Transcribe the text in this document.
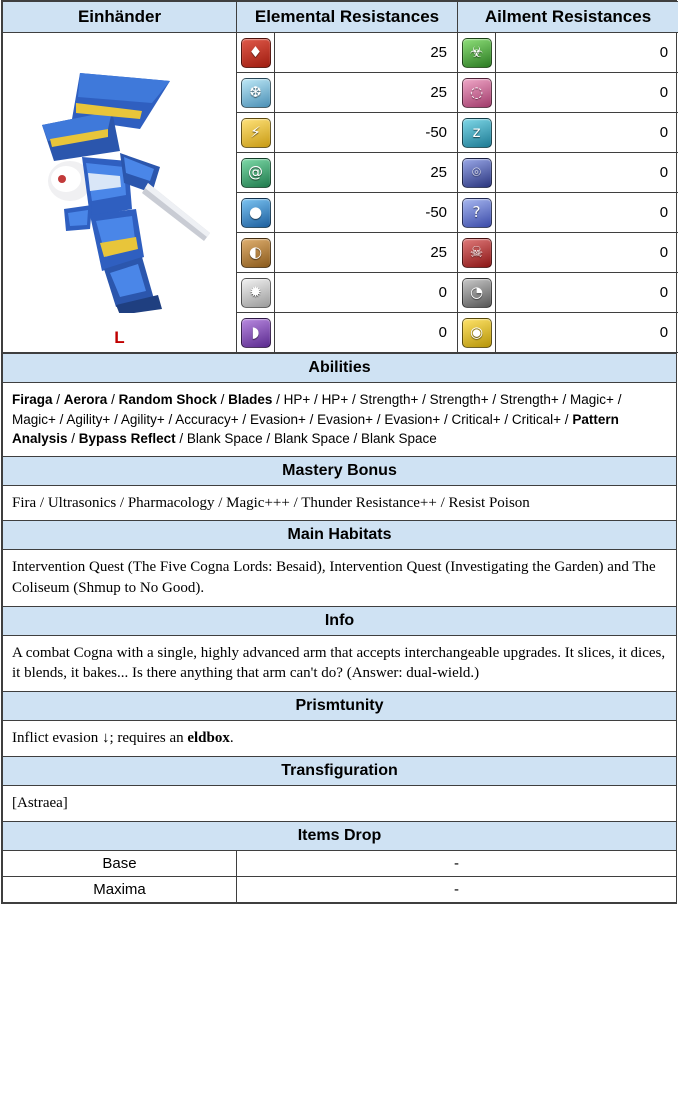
Einhänder	Elemental Resistances		Ailment Resistances	

L	♦	25	☣	0

	❆	25	◌	0

	⚡	-50	z	0

	@	25	⌾	0

	●	-50	?	0

	◐	25	☠	0

	✹	0	◔	0

	◗	0	◉	0
Abilities	
Firaga / Aerora / Random Shock / Blades / HP+ / HP+ / Strength+ / Strength+ / Strength+ / Magic+ / Magic+ / Agility+ / Agility+ / Accuracy+ / Evasion+ / Evasion+ / Evasion+ / Critical+ / Critical+ / Pattern Analysis / Bypass Reflect / Blank Space / Blank Space / Blank Space	
Mastery Bonus	
Fira / Ultrasonics / Pharmacology / Magic+++ / Thunder Resistance++ / Resist Poison	
Main Habitats	
Intervention Quest (The Five Cogna Lords: Besaid), Intervention Quest (Investigating the Garden) and The Coliseum (Shmup to No Good).	
Info	
A combat Cogna with a single, highly advanced arm that accepts interchangeable upgrades. It slices, it dices, it blends, it bakes... Is there anything that arm can't do? (Answer: dual-wield.)	
Prismtunity	
Inflict evasion ↓; requires an eldbox.	
Transfiguration	
[Astraea]	
Items Drop	
Base	-
Maxima	-
